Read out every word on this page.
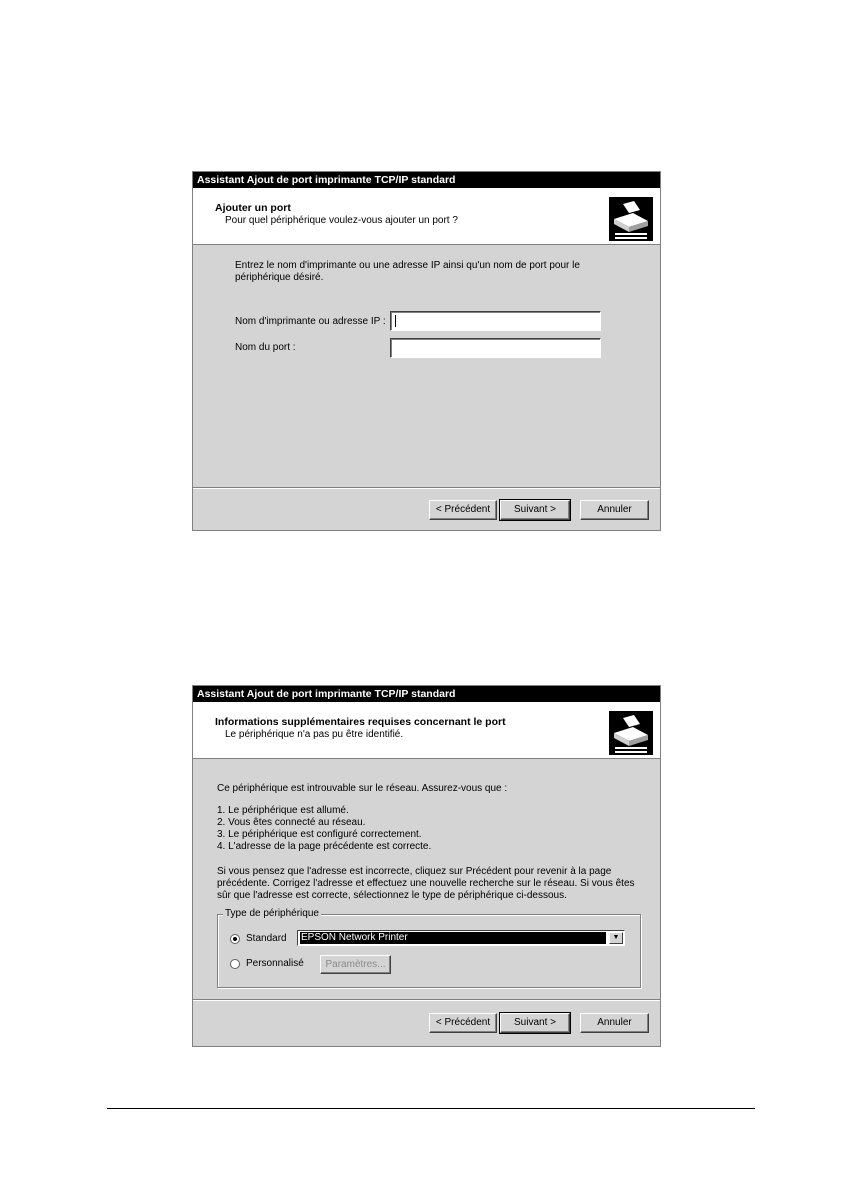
Assistant Ajout de port imprimante TCP/IP standard
Ajouter un port
Pour quel périphérique voulez-vous ajouter un port ?
Entrez le nom d'imprimante ou une adresse IP ainsi qu'un nom de port pour le
périphérique désiré.
Nom d'imprimante ou adresse IP :
Nom du port :
< Précédent	Suivant >	Annuler
Assistant Ajout de port imprimante TCP/IP standard
Informations supplémentaires requises concernant le port
Le périphérique n'a pas pu être identifié.
Ce périphérique est introuvable sur le réseau. Assurez-vous que :
1. Le périphérique est allumé.
2. Vous êtes connecté au réseau.
3. Le périphérique est configuré correctement.
4. L'adresse de la page précédente est correcte.
Si vous pensez que l'adresse est incorrecte, cliquez sur Précédent pour revenir à la page
précédente. Corrigez l'adresse et effectuez une nouvelle recherche sur le réseau. Si vous êtes
sûr que l'adresse est correcte, sélectionnez le type de périphérique ci-dessous.
Type de périphérique
Standard EPSON Network Printer	▼
Personnalisé	Paramètres...
< Précédent	Suivant >	Annuler
